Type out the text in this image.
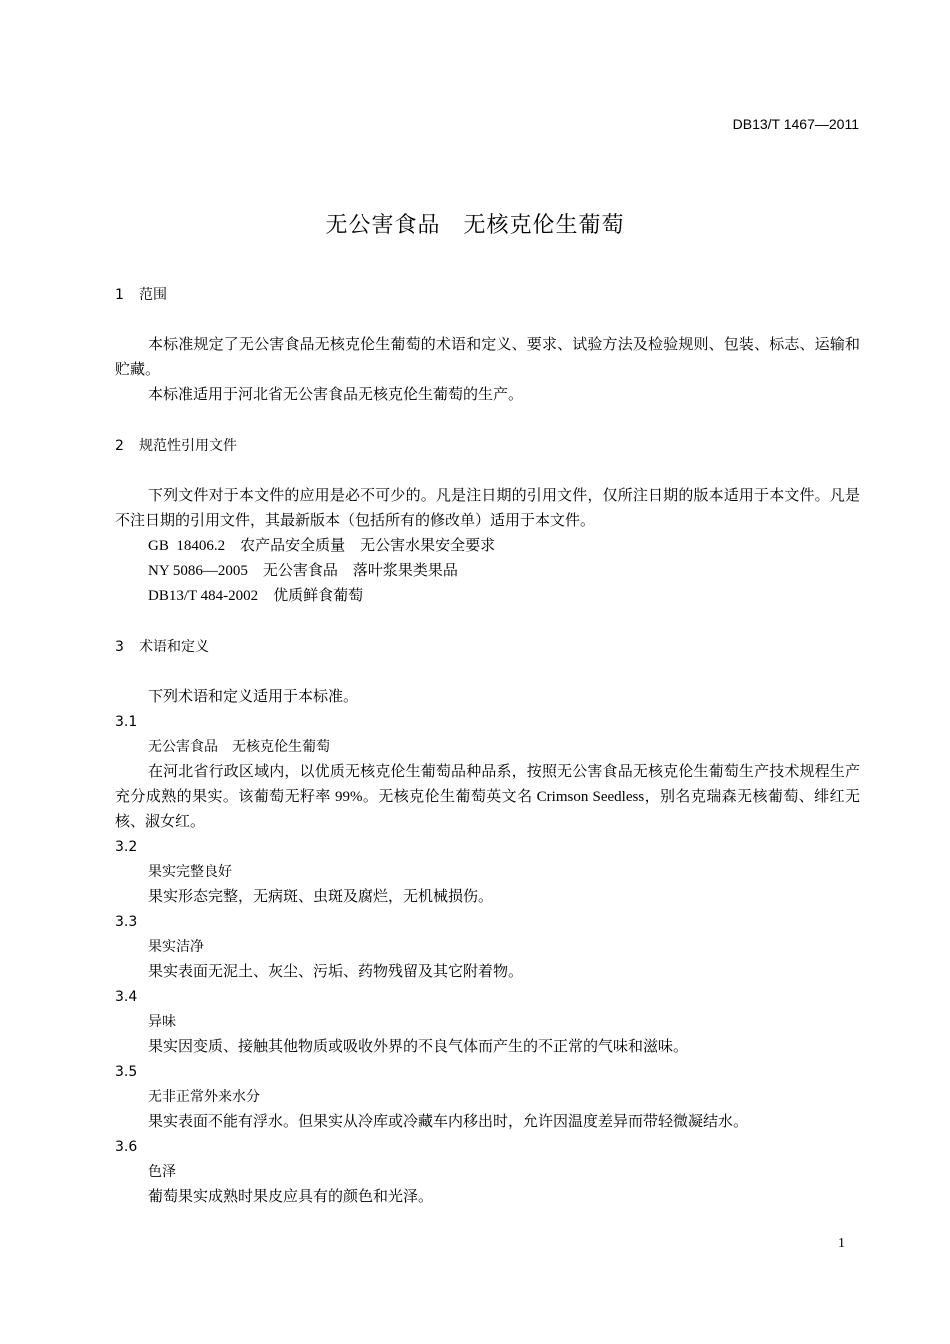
DB13/T 1467—2011
无公害食品　无核克伦生葡萄
1 范围
本标准规定了无公害食品无核克伦生葡萄的术语和定义、要求、试验方法及检验规则、包装、标志、运输和贮藏。
本标准适用于河北省无公害食品无核克伦生葡萄的生产。
2 规范性引用文件
下列文件对于本文件的应用是必不可少的。凡是注日期的引用文件，仅所注日期的版本适用于本文件。凡是不注日期的引用文件，其最新版本（包括所有的修改单）适用于本文件。
GB  18406.2　农产品安全质量　无公害水果安全要求
NY 5086—2005　无公害食品　落叶浆果类果品
DB13/T 484-2002　优质鲜食葡萄
3 术语和定义
下列术语和定义适用于本标准。
3.1
无公害食品　无核克伦生葡萄
在河北省行政区域内，以优质无核克伦生葡萄品种品系，按照无公害食品无核克伦生葡萄生产技术规程生产充分成熟的果实。该葡萄无籽率 99%。无核克伦生葡萄英文名 Crimson Seedless，别名克瑞森无核葡萄、绯红无核、淑女红。
3.2
果实完整良好
果实形态完整，无病斑、虫斑及腐烂，无机械损伤。
3.3
果实洁净
果实表面无泥土、灰尘、污垢、药物残留及其它附着物。
3.4
异味
果实因变质、接触其他物质或吸收外界的不良气体而产生的不正常的气味和滋味。
3.5
无非正常外来水分
果实表面不能有浮水。但果实从冷库或冷藏车内移出时，允许因温度差异而带轻微凝结水。
3.6
色泽
葡萄果实成熟时果皮应具有的颜色和光泽。
1
